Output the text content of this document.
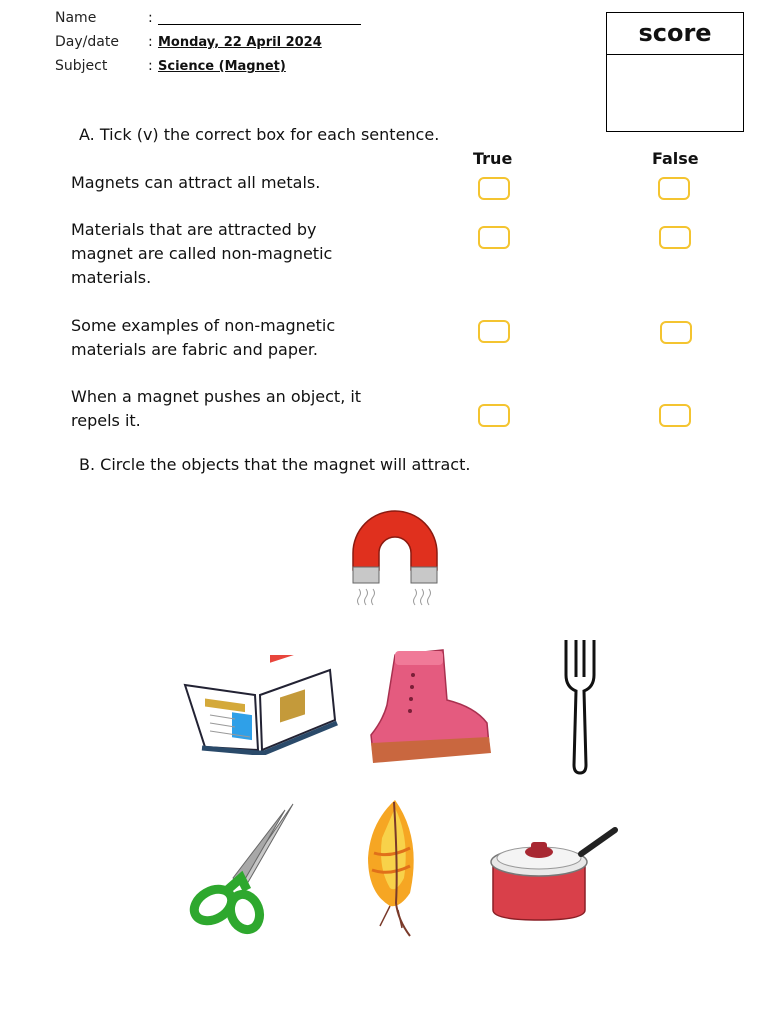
Name	:
Day/date : Monday, 22 April 2024
Subject	: Science (Magnet)
score
A. Tick (v) the correct box for each sentence.
True	False
Magnets can attract all metals.
Materials that are attracted by magnet are called non-magnetic materials.
Some examples of non-magnetic materials are fabric and paper.
When a magnet pushes an object, it repels it.
B. Circle the objects that the magnet will attract.
